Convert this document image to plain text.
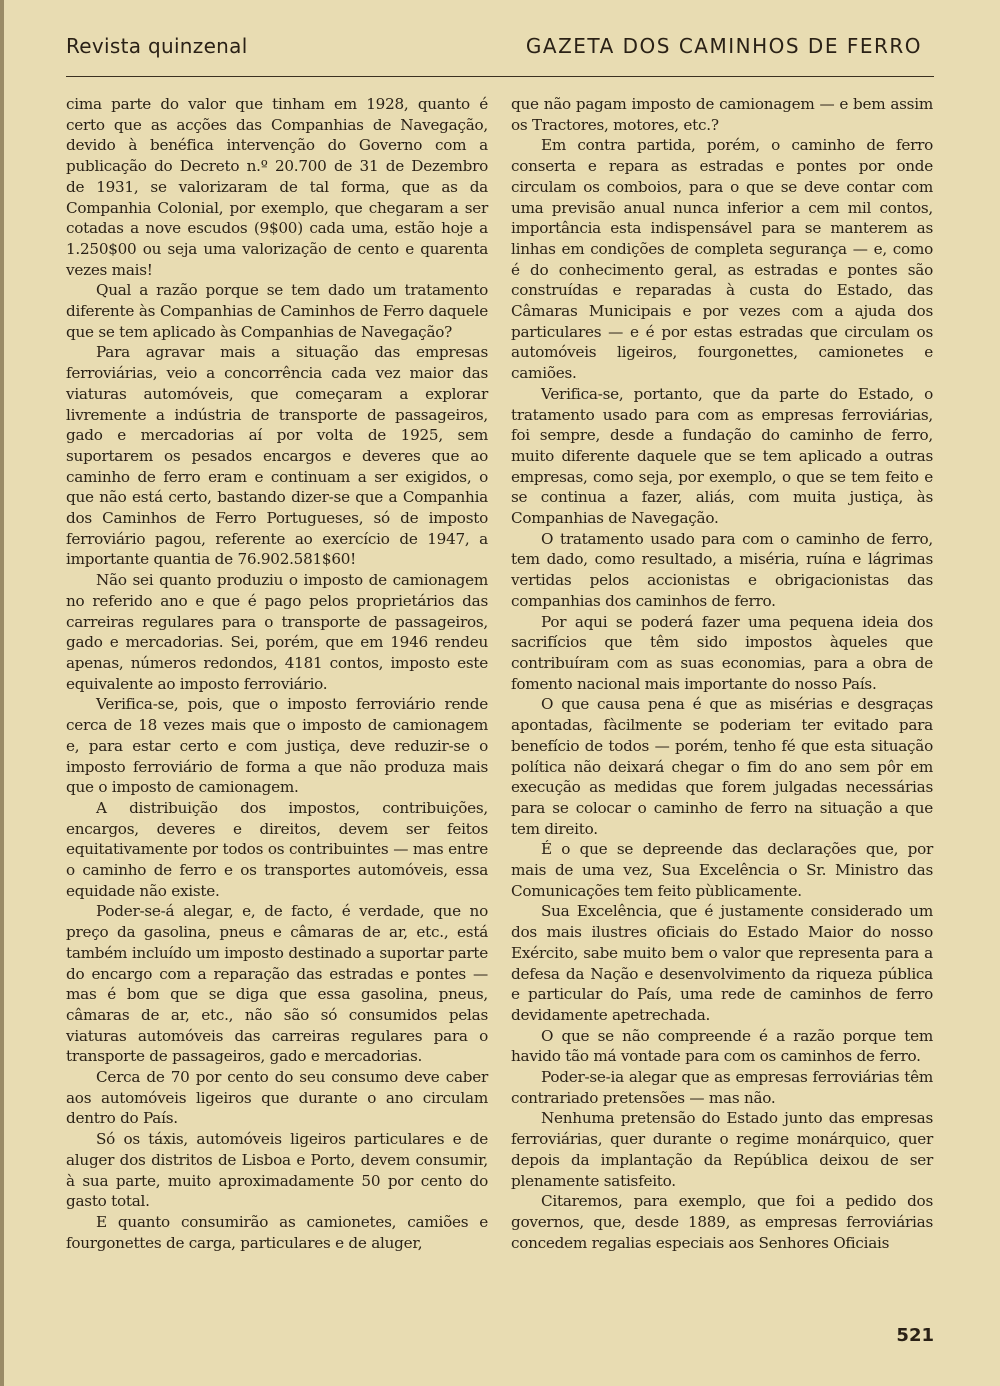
Revista quinzenal	GAZETA DOS CAMINHOS DE FERRO

cima parte do valor que tinham em 1928, quanto é certo que as acções das Companhias de Navegação, devido à benéfica intervenção do Governo com a publicação do Decreto n.º 20.700 de 31 de Dezembro de 1931, se valorizaram de tal forma, que as da Companhia Colonial, por exemplo, que chegaram a ser cotadas a nove escudos (9$00) cada uma, estão hoje a 1.250$00 ou seja uma valorização de cento e quarenta vezes mais!

Qual a razão porque se tem dado um tratamento diferente às Companhias de Caminhos de Ferro daquele que se tem aplicado às Companhias de Navegação?

Para agravar mais a situação das empresas ferroviárias, veio a concorrência cada vez maior das viaturas automóveis, que começaram a explorar livremente a indústria de transporte de passageiros, gado e mercadorias aí por volta de 1925, sem suportarem os pesados encargos e deveres que ao caminho de ferro eram e continuam a ser exigidos, o que não está certo, bastando dizer-se que a Companhia dos Caminhos de Ferro Portugueses, só de imposto ferroviário pagou, referente ao exercício de 1947, a importante quantia de 76.902.581$60!

Não sei quanto produziu o imposto de camionagem no referido ano e que é pago pelos proprietários das carreiras regulares para o transporte de passageiros, gado e mercadorias. Sei, porém, que em 1946 rendeu apenas, números redondos, 4181 contos, imposto este equivalente ao imposto ferroviário.

Verifica-se, pois, que o imposto ferroviário rende cerca de 18 vezes mais que o imposto de camionagem e, para estar certo e com justiça, deve reduzir-se o imposto ferroviário de forma a que não produza mais que o imposto de camionagem.

A distribuição dos impostos, contribuições, encargos, deveres e direitos, devem ser feitos equitativamente por todos os contribuintes — mas entre o caminho de ferro e os transportes automóveis, essa equidade não existe.

Poder-se-á alegar, e, de facto, é verdade, que no preço da gasolina, pneus e câmaras de ar, etc., está também incluído um imposto destinado a suportar parte do encargo com a reparação das estradas e pontes — mas é bom que se diga que essa gasolina, pneus, câmaras de ar, etc., não são só consumidos pelas viaturas automóveis das carreiras regulares para o transporte de passageiros, gado e mercadorias.

Cerca de 70 por cento do seu consumo deve caber aos automóveis ligeiros que durante o ano circulam dentro do País.

Só os táxis, automóveis ligeiros particulares e de aluger dos distritos de Lisboa e Porto, devem consumir, à sua parte, muito aproximadamente 50 por cento do gasto total.

E quanto consumirão as camionetes, camiões e fourgonettes de carga, particulares e de aluger,

que não pagam imposto de camionagem — e bem assim os Tractores, motores, etc.?

Em contra partida, porém, o caminho de ferro conserta e repara as estradas e pontes por onde circulam os comboios, para o que se deve contar com uma previsão anual nunca inferior a cem mil contos, importância esta indispensável para se manterem as linhas em condições de completa segurança — e, como é do conhecimento geral, as estradas e pontes são construídas e reparadas à custa do Estado, das Câmaras Municipais e por vezes com a ajuda dos particulares — e é por estas estradas que circulam os automóveis ligeiros, fourgonettes, camionetes e camiões.

Verifica-se, portanto, que da parte do Estado, o tratamento usado para com as empresas ferroviárias, foi sempre, desde a fundação do caminho de ferro, muito diferente daquele que se tem aplicado a outras empresas, como seja, por exemplo, o que se tem feito e se continua a fazer, aliás, com muita justiça, às Companhias de Navegação.

O tratamento usado para com o caminho de ferro, tem dado, como resultado, a miséria, ruína e lágrimas vertidas pelos accionistas e obrigacionistas das companhias dos caminhos de ferro.

Por aqui se poderá fazer uma pequena ideia dos sacrifícios que têm sido impostos àqueles que contribuíram com as suas economias, para a obra de fomento nacional mais importante do nosso País.

O que causa pena é que as misérias e desgraças apontadas, fàcilmente se poderiam ter evitado para benefício de todos — porém, tenho fé que esta situação política não deixará chegar o fim do ano sem pôr em execução as medidas que forem julgadas necessárias para se colocar o caminho de ferro na situação a que tem direito.

É o que se depreende das declarações que, por mais de uma vez, Sua Excelência o Sr. Ministro das Comunicações tem feito pùblicamente.

Sua Excelência, que é justamente considerado um dos mais ilustres oficiais do Estado Maior do nosso Exército, sabe muito bem o valor que representa para a defesa da Nação e desenvolvimento da riqueza pública e particular do País, uma rede de caminhos de ferro devidamente apetrechada.

O que se não compreende é a razão porque tem havido tão má vontade para com os caminhos de ferro.

Poder-se-ia alegar que as empresas ferroviárias têm contrariado pretensões — mas não.

Nenhuma pretensão do Estado junto das empresas ferroviárias, quer durante o regime monárquico, quer depois da implantação da República deixou de ser plenamente satisfeito.

Citaremos, para exemplo, que foi a pedido dos governos, que, desde 1889, as empresas ferroviárias concedem regalias especiais aos Senhores Oficiais

521
